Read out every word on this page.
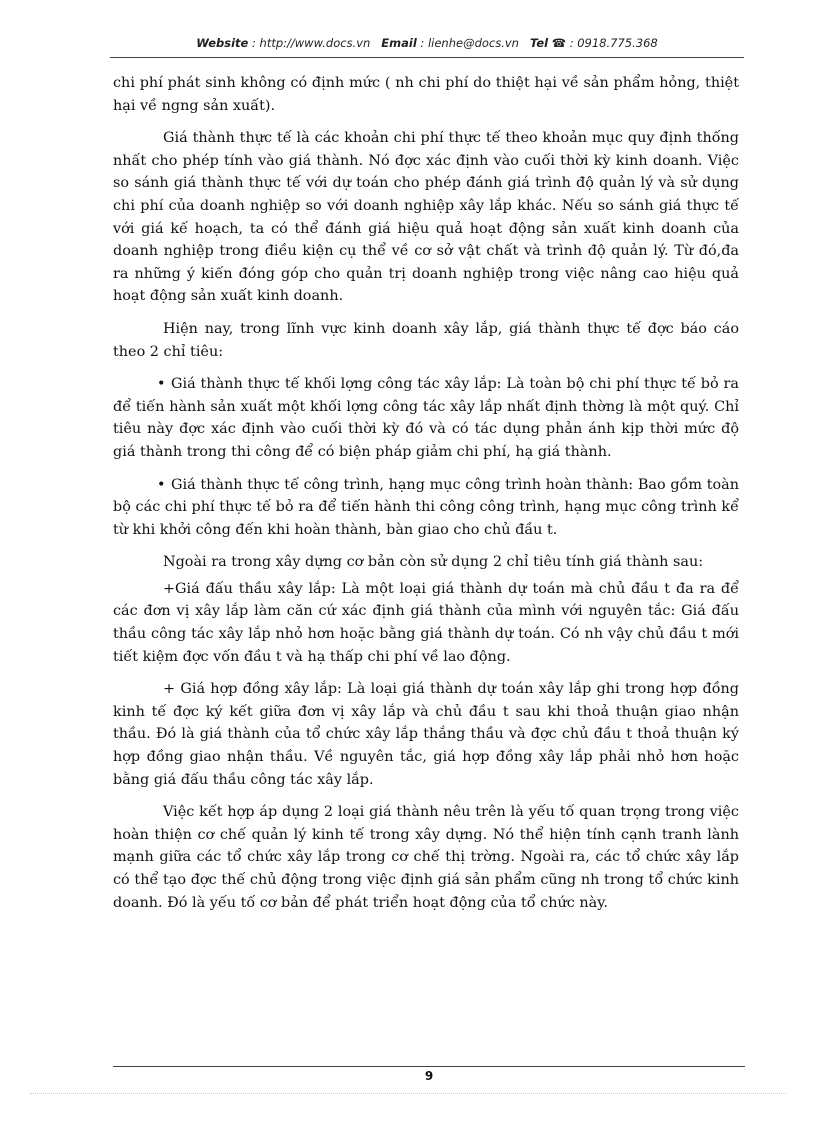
Website : http://www.docs.vn Email : lienhe@docs.vn Tel ☎ : 0918.775.368

chi phí phát sinh không có định mức ( nh chi phí do thiệt hại về sản phẩm hỏng, thiệt hại về ngng sản xuất).

Giá thành thực tế là các khoản chi phí thực tế theo khoản mục quy định thống nhất cho phép tính vào giá thành. Nó đợc xác định vào cuối thời kỳ kinh doanh. Việc so sánh giá thành thực tế với dự toán cho phép đánh giá trình độ quản lý và sử dụng chi phí của doanh nghiệp so với doanh nghiệp xây lắp khác. Nếu so sánh giá thực tế với giá kế hoạch, ta có thể đánh giá hiệu quả hoạt động sản xuất kinh doanh của doanh nghiệp trong điều kiện cụ thể về cơ sở vật chất và trình độ quản lý. Từ đó,đa ra những ý kiến đóng góp cho quản trị doanh nghiệp trong việc nâng cao hiệu quả hoạt động sản xuất kinh doanh.

Hiện nay, trong lĩnh vực kinh doanh xây lắp, giá thành thực tế đợc báo cáo theo 2 chỉ tiêu:

• Giá thành thực tế khối lợng công tác xây lắp: Là toàn bộ chi phí thực tế bỏ ra để tiến hành sản xuất một khối lợng công tác xây lắp nhất định thờng là một quý. Chỉ tiêu này đợc xác định vào cuối thời kỳ đó và có tác dụng phản ánh kịp thời mức độ giá thành trong thi công để có biện pháp giảm chi phí, hạ giá thành.

• Giá thành thực tế công trình, hạng mục công trình hoàn thành: Bao gồm toàn bộ các chi phí thực tế bỏ ra để tiến hành thi công công trình, hạng mục công trình kể từ khi khởi công đến khi hoàn thành, bàn giao cho chủ đầu t.

Ngoài ra trong xây dựng cơ bản còn sử dụng 2 chỉ tiêu tính giá thành sau:

+Giá đấu thầu xây lắp: Là một loại giá thành dự toán mà chủ đầu t đa ra để các đơn vị xây lắp làm căn cứ xác định giá thành của mình với nguyên tắc: Giá đấu thầu công tác xây lắp nhỏ hơn hoặc bằng giá thành dự toán. Có nh vậy chủ đầu t mới tiết kiệm đợc vốn đầu t và hạ thấp chi phí về lao động.

+ Giá hợp đồng xây lắp: Là loại giá thành dự toán xây lắp ghi trong hợp đồng kinh tế đợc ký kết giữa đơn vị xây lắp và chủ đầu t sau khi thoả thuận giao nhận thầu. Đó là giá thành của tổ chức xây lắp thắng thầu và đợc chủ đầu t thoả thuận ký hợp đồng giao nhận thầu. Về nguyên tắc, giá hợp đồng xây lắp phải nhỏ hơn hoặc bằng giá đấu thầu công tác xây lắp.

Việc kết hợp áp dụng 2 loại giá thành nêu trên là yếu tố quan trọng trong việc hoàn thiện cơ chế quản lý kinh tế trong xây dựng. Nó thể hiện tính cạnh tranh lành mạnh giữa các tổ chức xây lắp trong cơ chế thị trờng. Ngoài ra, các tổ chức xây lắp có thể tạo đợc thế chủ động trong việc định giá sản phẩm cũng nh trong tổ chức kinh doanh. Đó là yếu tố cơ bản để phát triển hoạt động của tổ chức này.

9
